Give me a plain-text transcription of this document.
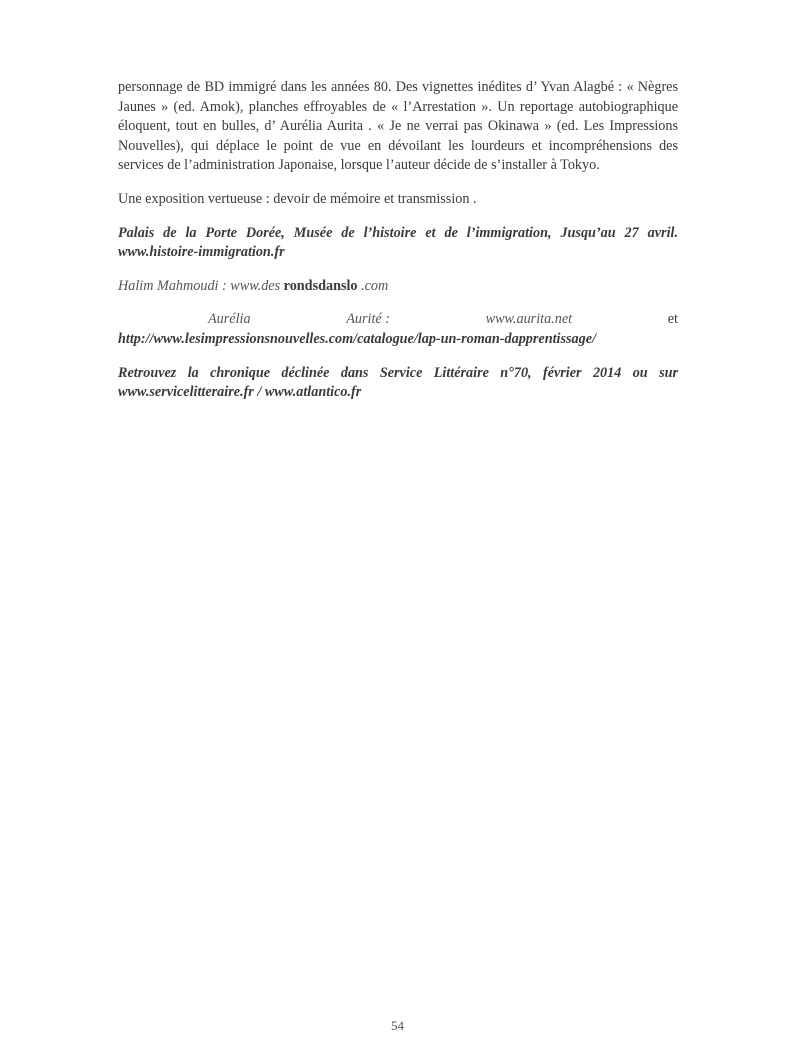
personnage de BD immigré dans les années 80. Des vignettes inédites d’ Yvan Alagbé : « Nègres Jaunes » (ed. Amok), planches effroyables de « l’Arrestation ». Un reportage autobiographique éloquent, tout en bulles, d’ Aurélia Aurita . « Je ne verrai pas Okinawa » (ed. Les Impressions Nouvelles), qui déplace le point de vue en dévoilant les lourdeurs et incompréhensions des services de l’administration Japonaise, lorsque l’auteur décide de s’installer à Tokyo.

Une exposition vertueuse : devoir de mémoire et transmission .

Palais de la Porte Dorée, Musée de l’histoire et de l’immigration, Jusqu’au 27 avril. www.histoire-immigration.fr

Halim Mahmoudi : www.des rondsdanslo .com

Aurélia	Aurité :	www.aurita.net	et
http://www.lesimpressionsnouvelles.com/catalogue/lap-un-roman-dapprentissage/

Retrouvez la chronique déclinée dans Service Littéraire n°70, février 2014 ou sur www.servicelitteraire.fr / www.atlantico.fr

54
